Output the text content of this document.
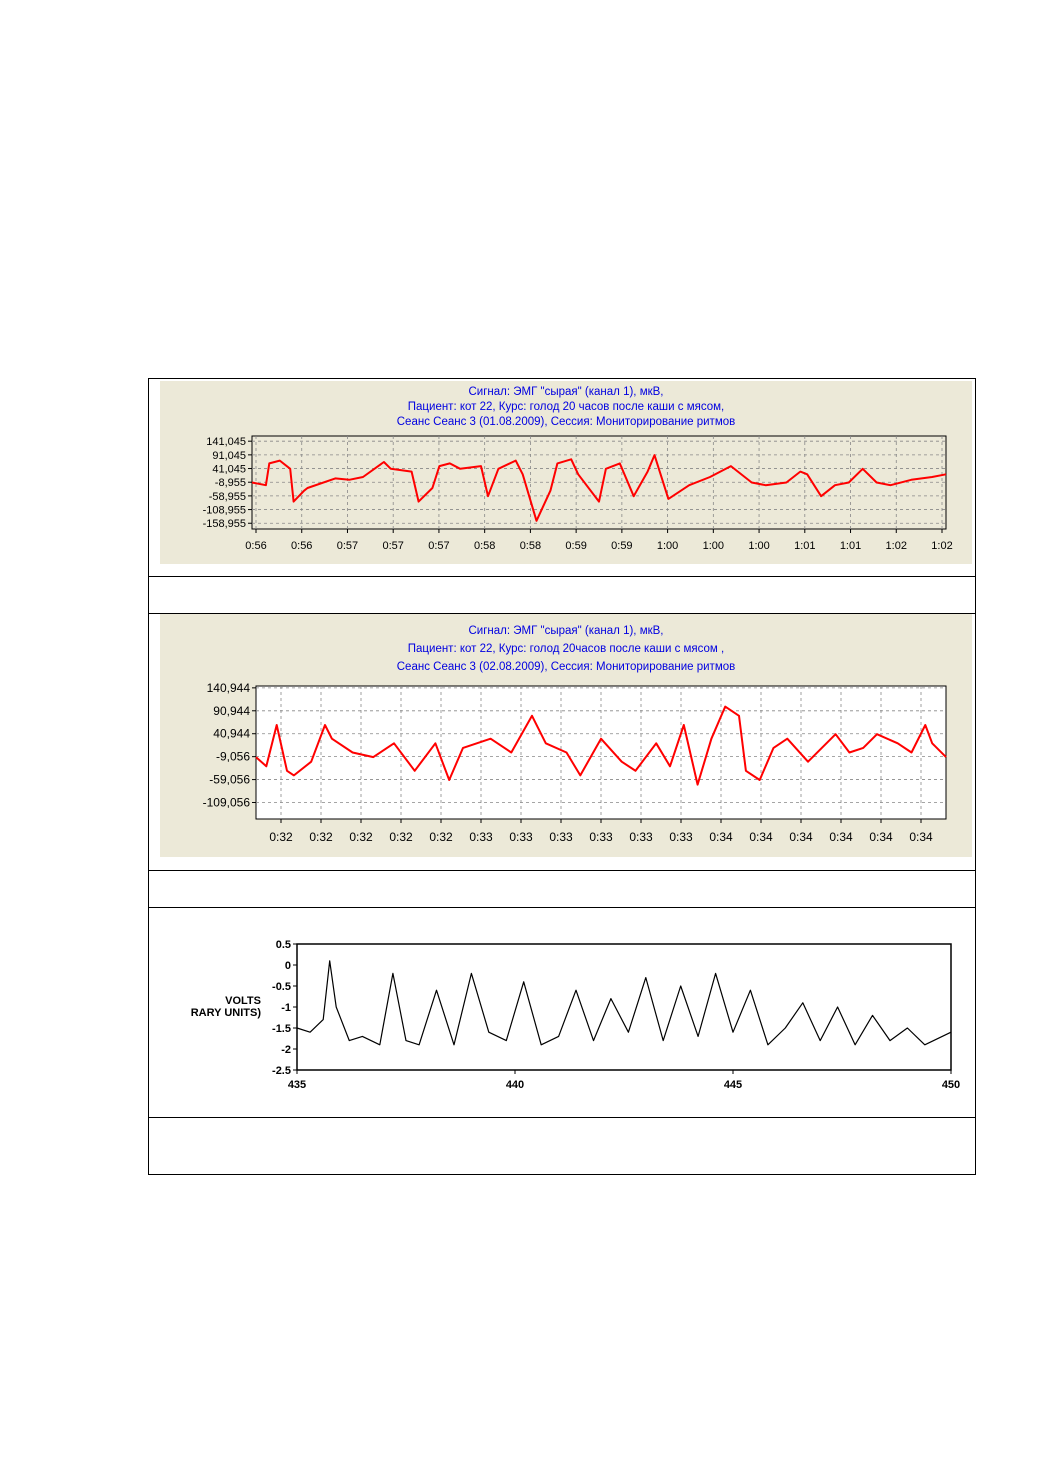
Сигнал: ЭМГ "сырая" (канал 1), мкВ,
Пациент: кот 22, Курс: голод 20 часов после каши с мясом,
Сеанс Сеанс 3 (01.08.2009), Сессия: Мониторирование ритмов
141,045
91,045
41,045
-8,955
-58,955
-108,955
-158,955
0:56 0:56 0:57 0:57 0:57 0:58 0:58 0:59 0:59 1:00 1:00 1:00 1:01 1:01 1:02 1:02
Сигнал: ЭМГ "сырая" (канал 1), мкВ,
Пациент: кот 22, Курс: голод 20часов после каши с мясом ,
Сеанс Сеанс 3 (02.08.2009), Сессия: Мониторирование ритмов
140,944
90,944
40,944
-9,056
-59,056
-109,056
0:32 0:32 0:32 0:32 0:32 0:33 0:33 0:33 0:33 0:33 0:33 0:34 0:34 0:34 0:34 0:34 0:34
0.5
0
-0.5
-1
-1.5
-2
-2.5
435	440	445	450
VOLTS
RARY UNITS)
